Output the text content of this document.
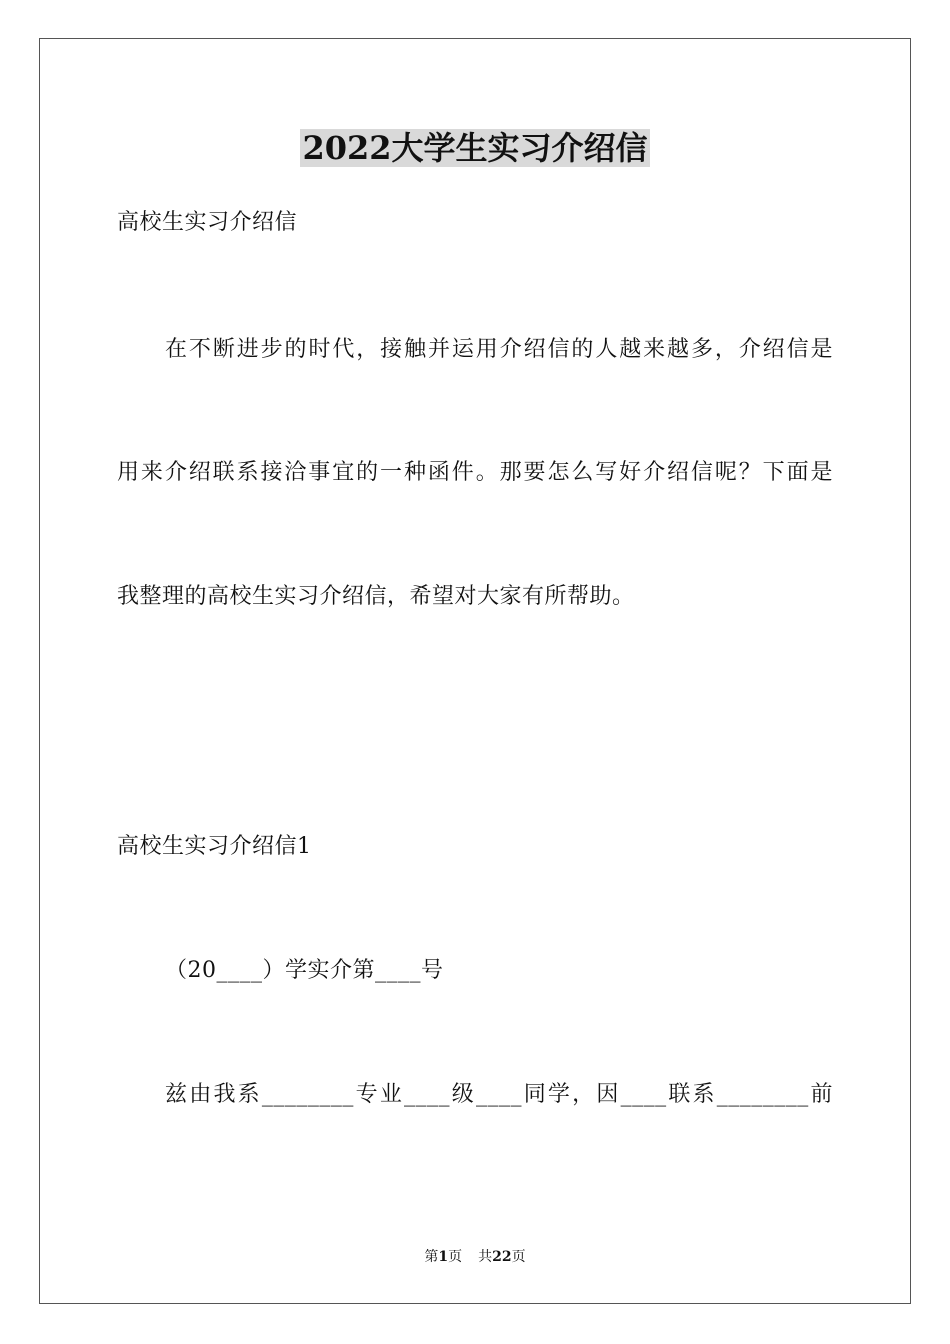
2022大学生实习介绍信
高校生实习介绍信
在不断进步的时代，接触并运用介绍信的人越来越多，介绍信是
用来介绍联系接洽事宜的一种函件。那要怎么写好介绍信呢？下面是
我整理的高校生实习介绍信，希望对大家有所帮助。
高校生实习介绍信1
（20____）学实介第____号
兹由我系________专业____级____同学，因____联系________前
第1页 共22页
